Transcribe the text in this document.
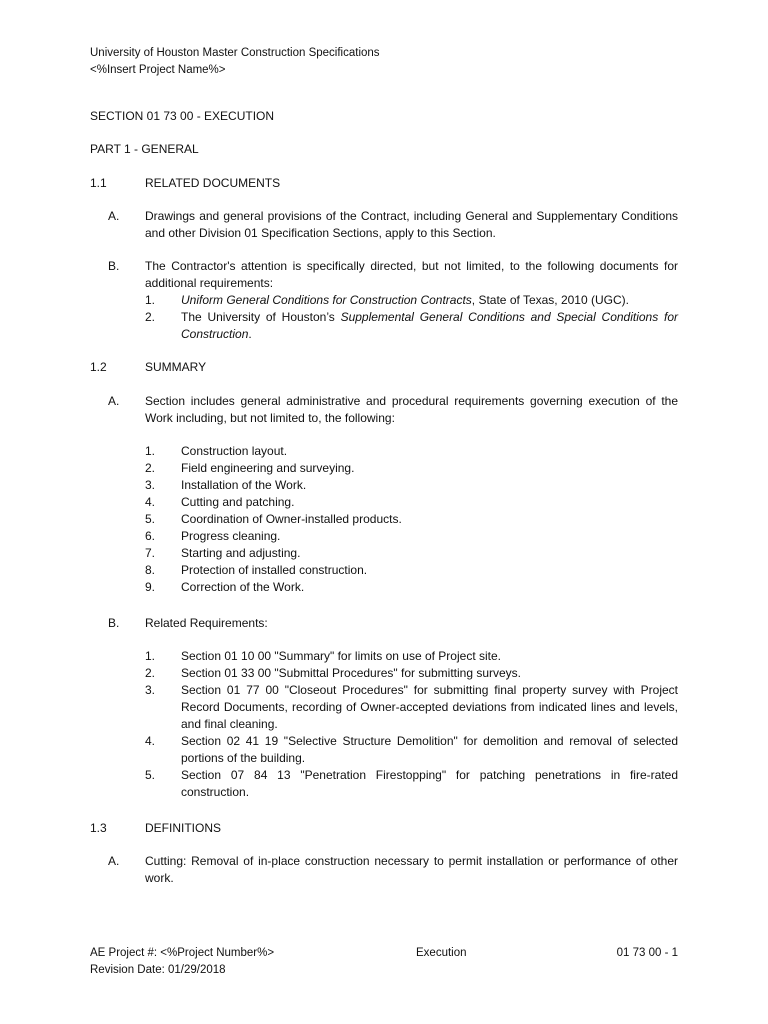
University of Houston Master Construction Specifications
<%Insert Project Name%>
SECTION 01 73 00 - EXECUTION
PART 1 - GENERAL
1.1	RELATED DOCUMENTS
A. Drawings and general provisions of the Contract, including General and Supplementary Conditions and other Division 01 Specification Sections, apply to this Section.
B. The Contractor's attention is specifically directed, but not limited, to the following documents for additional requirements:
1. Uniform General Conditions for Construction Contracts, State of Texas, 2010 (UGC).
2. The University of Houston’s Supplemental General Conditions and Special Conditions for Construction.
1.2	SUMMARY
A. Section includes general administrative and procedural requirements governing execution of the Work including, but not limited to, the following:
1. Construction layout.
2. Field engineering and surveying.
3. Installation of the Work.
4. Cutting and patching.
5. Coordination of Owner-installed products.
6. Progress cleaning.
7. Starting and adjusting.
8. Protection of installed construction.
9. Correction of the Work.
B. Related Requirements:
1. Section 01 10 00 "Summary" for limits on use of Project site.
2. Section 01 33 00 "Submittal Procedures" for submitting surveys.
3. Section 01 77 00 "Closeout Procedures" for submitting final property survey with Project Record Documents, recording of Owner-accepted deviations from indicated lines and levels, and final cleaning.
4. Section 02 41 19 "Selective Structure Demolition" for demolition and removal of selected portions of the building.
5. Section 07 84 13 "Penetration Firestopping" for patching penetrations in fire-rated construction.
1.3	DEFINITIONS
A. Cutting: Removal of in-place construction necessary to permit installation or performance of other work.
AE Project #: <%Project Number%>
Revision Date: 01/29/2018
Execution	01 73 00 - 1
